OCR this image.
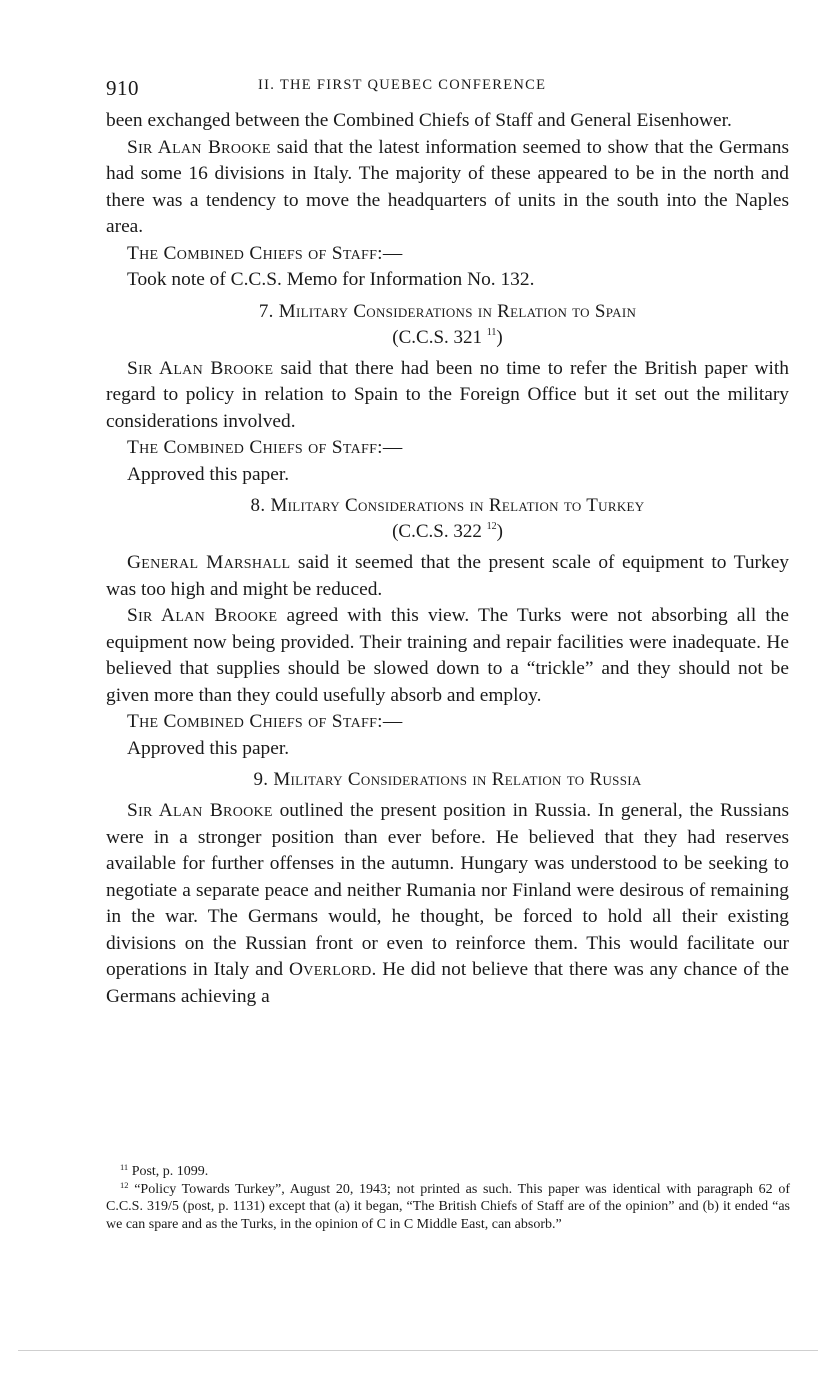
910	II. THE FIRST QUEBEC CONFERENCE

been exchanged between the Combined Chiefs of Staff and General Eisenhower.

Sir Alan Brooke said that the latest information seemed to show that the Germans had some 16 divisions in Italy. The majority of these appeared to be in the north and there was a tendency to move the headquarters of units in the south into the Naples area.

The Combined Chiefs of Staff:—

Took note of C.C.S. Memo for Information No. 132.

7. Military Considerations in Relation to Spain
(C.C.S. 321 $^{11}$)

Sir Alan Brooke said that there had been no time to refer the British paper with regard to policy in relation to Spain to the Foreign Office but it set out the military considerations involved.

The Combined Chiefs of Staff:—

Approved this paper.

8. Military Considerations in Relation to Turkey
(C.C.S. 322 $^{12}$)

General Marshall said it seemed that the present scale of equipment to Turkey was too high and might be reduced.

Sir Alan Brooke agreed with this view. The Turks were not absorbing all the equipment now being provided. Their training and repair facilities were inadequate. He believed that supplies should be slowed down to a “trickle” and they should not be given more than they could usefully absorb and employ.

The Combined Chiefs of Staff:—

Approved this paper.

9. Military Considerations in Relation to Russia

Sir Alan Brooke outlined the present position in Russia. In general, the Russians were in a stronger position than ever before. He believed that they had reserves available for further offenses in the autumn. Hungary was understood to be seeking to negotiate a separate peace and neither Rumania nor Finland were desirous of remaining in the war. The Germans would, he thought, be forced to hold all their existing divisions on the Russian front or even to reinforce them. This would facilitate our operations in Italy and Overlord. He did not believe that there was any chance of the Germans achieving a

$^{11}$ Post, p. 1099.

$^{12}$ “Policy Towards Turkey”, August 20, 1943; not printed as such. This paper was identical with paragraph 62 of C.C.S. 319/5 (post, p. 1131) except that (a) it began, “The British Chiefs of Staff are of the opinion” and (b) it ended “as we can spare and as the Turks, in the opinion of C in C Middle East, can absorb.”
